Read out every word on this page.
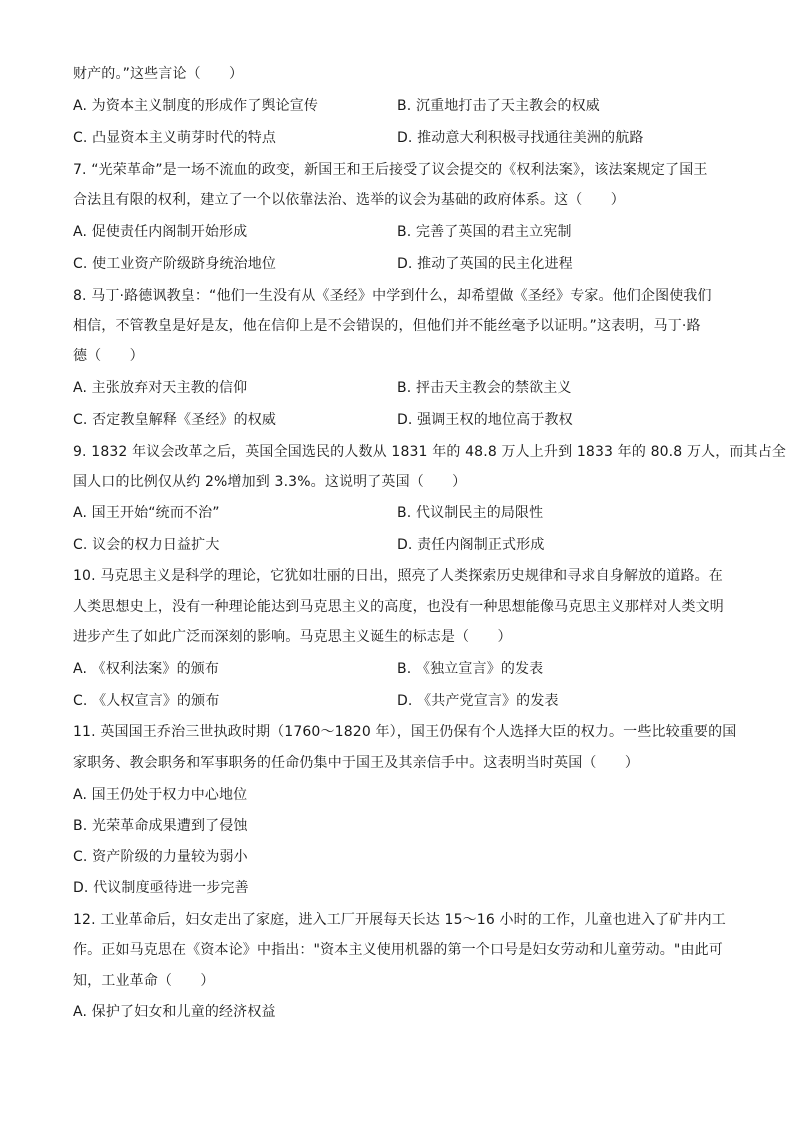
财产的。”这些言论（　　）
A. 为资本主义制度的形成作了舆论宣传	B. 沉重地打击了天主教会的权威
C. 凸显资本主义萌芽时代的特点	D. 推动意大利积极寻找通往美洲的航路
7. “光荣革命”是一场不流血的政变，新国王和王后接受了议会提交的《权利法案》，该法案规定了国王
合法且有限的权利，建立了一个以依靠法治、选举的议会为基础的政府体系。这（　　）
A. 促使责任内阁制开始形成	B. 完善了英国的君主立宪制
C. 使工业资产阶级跻身统治地位	D. 推动了英国的民主化进程
8. 马丁·路德讽教皇：“他们一生没有从《圣经》中学到什么，却希望做《圣经》专家。他们企图使我们
相信，不管教皇是好是友，他在信仰上是不会错误的，但他们并不能丝毫予以证明。”这表明，马丁·路
德（　　）
A. 主张放弃对天主教的信仰	B. 抨击天主教会的禁欲主义
C. 否定教皇解释《圣经》的权威	D. 强调王权的地位高于教权
9. 1832 年议会改革之后，英国全国选民的人数从 1831 年的 48.8 万人上升到 1833 年的 80.8 万人，而其占全
国人口的比例仅从约 2%增加到 3.3%。这说明了英国（　　）
A. 国王开始“统而不治”	B. 代议制民主的局限性
C. 议会的权力日益扩大	D. 责任内阁制正式形成
10. 马克思主义是科学的理论，它犹如壮丽的日出，照亮了人类探索历史规律和寻求自身解放的道路。在
人类思想史上，没有一种理论能达到马克思主义的高度，也没有一种思想能像马克思主义那样对人类文明
进步产生了如此广泛而深刻的影响。马克思主义诞生的标志是（　　）
A. 《权利法案》的颁布	B. 《独立宣言》的发表
C. 《人权宣言》的颁布	D. 《共产党宣言》的发表
11. 英国国王乔治三世执政时期（1760～1820 年），国王仍保有个人选择大臣的权力。一些比较重要的国
家职务、教会职务和军事职务的任命仍集中于国王及其亲信手中。这表明当时英国（　　）
A. 国王仍处于权力中心地位
B. 光荣革命成果遭到了侵蚀
C. 资产阶级的力量较为弱小
D. 代议制度亟待进一步完善
12. 工业革命后，妇女走出了家庭，进入工厂开展每天长达 15～16 小时的工作，儿童也进入了矿井内工
作。正如马克思在《资本论》中指出："资本主义使用机器的第一个口号是妇女劳动和儿童劳动。"由此可
知，工业革命（　　）
A. 保护了妇女和儿童的经济权益
